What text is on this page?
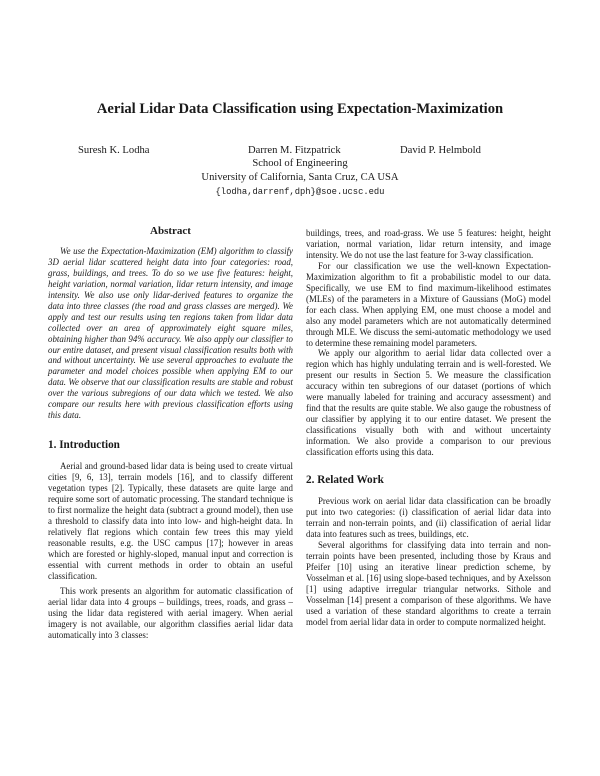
Aerial Lidar Data Classification using Expectation-Maximization
Suresh K. Lodha	Darren M. Fitzpatrick	David P. Helmbold
School of Engineering
University of California, Santa Cruz, CA USA
{lodha,darrenf,dph}@soe.ucsc.edu
Abstract

We use the Expectation-Maximization (EM) algorithm to classify 3D aerial lidar scattered height data into four categories: road, grass, buildings, and trees. To do so we use five features: height, height variation, normal variation, lidar return intensity, and image intensity. We also use only lidar-derived features to organize the data into three classes (the road and grass classes are merged). We apply and test our results using ten regions taken from lidar data collected over an area of approximately eight square miles, obtaining higher than 94% accuracy. We also apply our classifier to our entire dataset, and present visual classification results both with and without uncertainty. We use several approaches to evaluate the parameter and model choices possible when applying EM to our data. We observe that our classification results are stable and robust over the various subregions of our data which we tested. We also compare our results here with previous classification efforts using this data.

1. Introduction

Aerial and ground-based lidar data is being used to create virtual cities [9, 6, 13], terrain models [16], and to classify different vegetation types [2]. Typically, these datasets are quite large and require some sort of automatic processing. The standard technique is to first normalize the height data (subtract a ground model), then use a threshold to classify data into into low- and high-height data. In relatively flat regions which contain few trees this may yield reasonable results, e.g. the USC campus [17]; however in areas which are forested or highly-sloped, manual input and correction is essential with current methods in order to obtain an useful classification.

This work presents an algorithm for automatic classification of aerial lidar data into 4 groups – buildings, trees, roads, and grass – using the lidar data registered with aerial imagery. When aerial imagery is not available, our algorithm classifies aerial lidar data automatically into 3 classes:

buildings, trees, and road-grass. We use 5 features: height, height variation, normal variation, lidar return intensity, and image intensity. We do not use the last feature for 3-way classification.

For our classification we use the well-known Expectation-Maximization algorithm to fit a probabilistic model to our data. Specifically, we use EM to find maximum-likelihood estimates (MLEs) of the parameters in a Mixture of Gaussians (MoG) model for each class. When applying EM, one must choose a model and also any model parameters which are not automatically determined through MLE. We discuss the semi-automatic methodology we used to determine these remaining model parameters.

We apply our algorithm to aerial lidar data collected over a region which has highly undulating terrain and is well-forested. We present our results in Section 5. We measure the classification accuracy within ten subregions of our dataset (portions of which were manually labeled for training and accuracy assessment) and find that the results are quite stable. We also gauge the robustness of our classifier by applying it to our entire dataset. We present the classifications visually both with and without uncertainty information. We also provide a comparison to our previous classification efforts using this data.

2. Related Work

Previous work on aerial lidar data classification can be broadly put into two categories: (i) classification of aerial lidar data into terrain and non-terrain points, and (ii) classification of aerial lidar data into features such as trees, buildings, etc.

Several algorithms for classifying data into terrain and non-terrain points have been presented, including those by Kraus and Pfeifer [10] using an iterative linear prediction scheme, by Vosselman et al. [16] using slope-based techniques, and by Axelsson [1] using adaptive irregular triangular networks. Sithole and Vosselman [14] present a comparison of these algorithms. We have used a variation of these standard algorithms to create a terrain model from aerial lidar data in order to compute normalized height.
